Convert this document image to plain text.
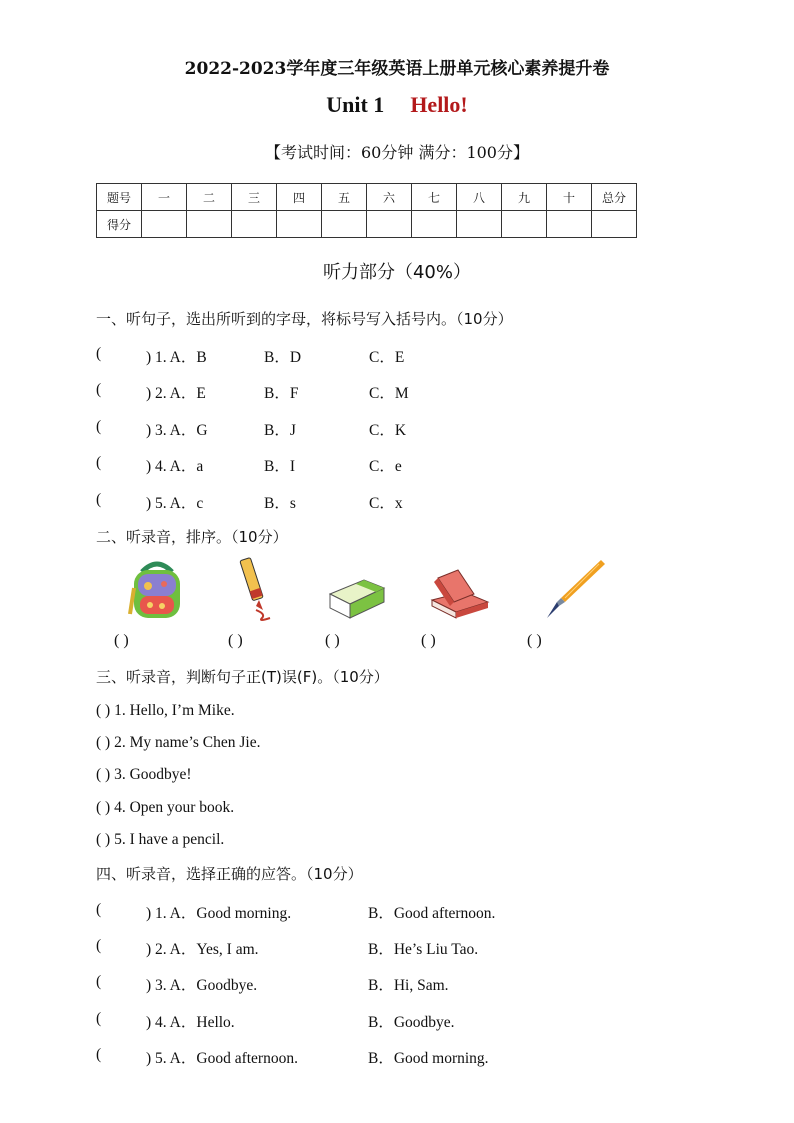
2022-2023学年度三年级英语上册单元核心素养提升卷
Unit 1 Hello!
【考试时间：60分钟 满分：100分】
题号	一	二	三	四	五	六	七	八	九	十	总分
得分											
听力部分（40%）
一、听句子，选出所听到的字母，将标号写入括号内。（10分）
(	) 1. A．B	B．D	C．E
(	) 2. A．E	B．F	C．M
(	) 3. A．G	B．J	C．K
(	) 4. A．a	B．I	C．e
(	) 5. A．c	B．s	C．x
二、听录音，排序。（10分）
( )	( )	( )	( )	( )
三、听录音，判断句子正(T)误(F)。（10分）
( ) 1. Hello, I’m Mike.
( ) 2. My name’s Chen Jie.
( ) 3. Goodbye!
( ) 4. Open your book.
( ) 5. I have a pencil.
四、听录音，选择正确的应答。（10分）
(	) 1. A．Good morning.	B．Good afternoon.
(	) 2. A．Yes, I am.	B．He’s Liu Tao.
(	) 3. A．Goodbye.	B．Hi, Sam.
(	) 4. A．Hello.	B．Goodbye.
(	) 5. A．Good afternoon.	B．Good morning.
